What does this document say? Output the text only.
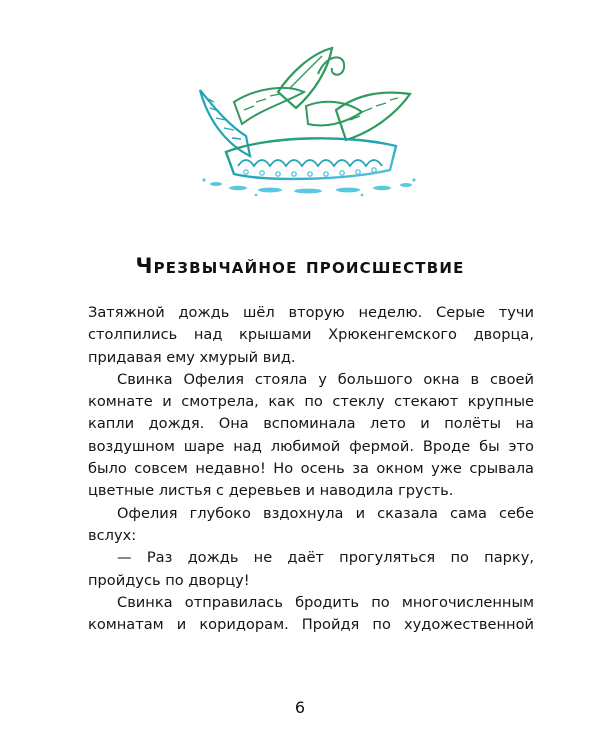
Чрезвычайное происшествие

Затяжной дождь шёл вторую неделю. Серые тучи столпились над крышами Хрюкенгемского дворца, придавая ему хмурый вид.

Свинка Офелия стояла у большого окна в своей комнате и смотрела, как по стеклу стекают крупные капли дождя. Она вспоминала лето и полёты на воздушном шаре над любимой фермой. Вроде бы это было совсем недавно! Но осень за окном уже срывала цветные листья с деревьев и наводила грусть.

Офелия глубоко вздохнула и сказала сама себе вслух:

— Раз дождь не даёт прогуляться по парку, пройдусь по дворцу!

Свинка отправилась бродить по многочисленным комнатам и коридорам. Пройдя по художественной

6
